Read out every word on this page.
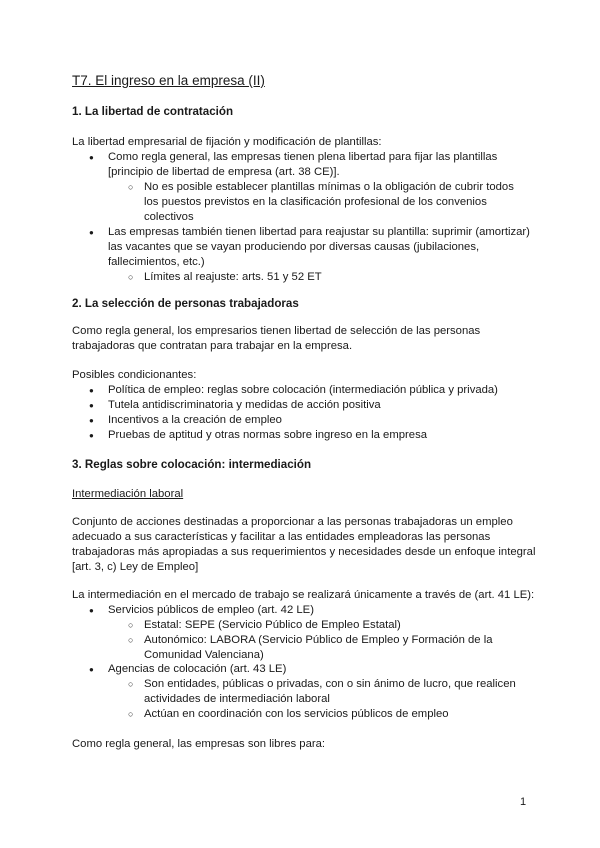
T7. El ingreso en la empresa (II)
1. La libertad de contratación
La libertad empresarial de fijación y modificación de plantillas:
● Como regla general, las empresas tienen plena libertad para fijar las plantillas
[principio de libertad de empresa (art. 38 CE)].
○ No es posible establecer plantillas mínimas o la obligación de cubrir todos
los puestos previstos en la clasificación profesional de los convenios
colectivos
● Las empresas también tienen libertad para reajustar su plantilla: suprimir (amortizar)
las vacantes que se vayan produciendo por diversas causas (jubilaciones,
fallecimientos, etc.)
○ Límites al reajuste: arts. 51 y 52 ET
2. La selección de personas trabajadoras
Como regla general, los empresarios tienen libertad de selección de las personas
trabajadoras que contratan para trabajar en la empresa.
Posibles condicionantes:
● Política de empleo: reglas sobre colocación (intermediación pública y privada)
● Tutela antidiscriminatoria y medidas de acción positiva
● Incentivos a la creación de empleo
● Pruebas de aptitud y otras normas sobre ingreso en la empresa
3. Reglas sobre colocación: intermediación
Intermediación laboral
Conjunto de acciones destinadas a proporcionar a las personas trabajadoras un empleo
adecuado a sus características y facilitar a las entidades empleadoras las personas
trabajadoras más apropiadas a sus requerimientos y necesidades desde un enfoque integral
[art. 3, c) Ley de Empleo]
La intermediación en el mercado de trabajo se realizará únicamente a través de (art. 41 LE):
● Servicios públicos de empleo (art. 42 LE)
○ Estatal: SEPE (Servicio Público de Empleo Estatal)
○ Autonómico: LABORA (Servicio Público de Empleo y Formación de la
Comunidad Valenciana)
● Agencias de colocación (art. 43 LE)
○ Son entidades, públicas o privadas, con o sin ánimo de lucro, que realicen
actividades de intermediación laboral
○ Actúan en coordinación con los servicios públicos de empleo
Como regla general, las empresas son libres para:
1
